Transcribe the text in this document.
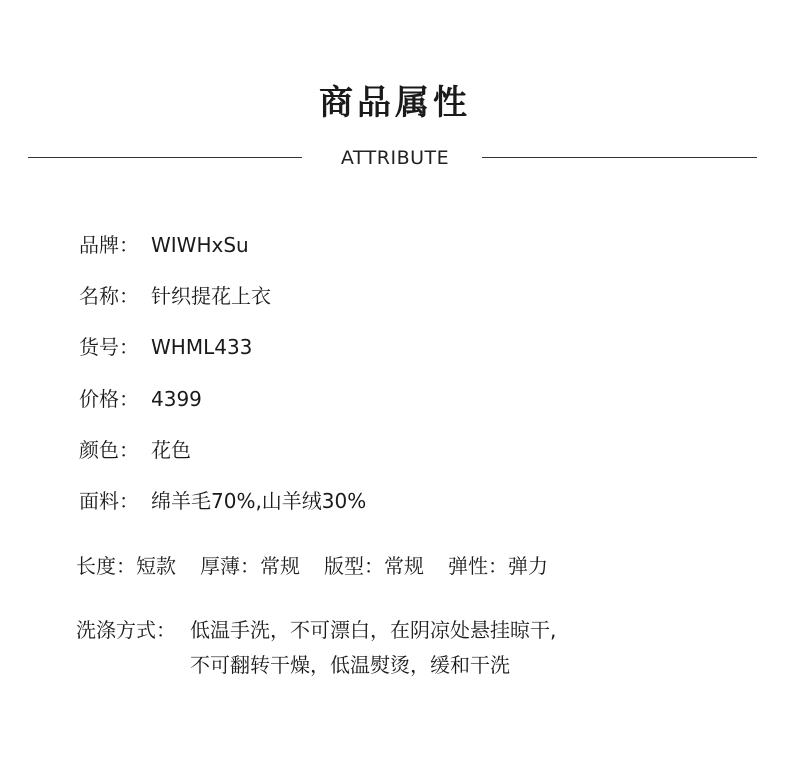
商品属性
ATTRIBUTE
品牌： WIWHxSu
名称： 针织提花上衣
货号： WHML433
价格： 4399
颜色： 花色
面料： 绵羊毛70%,山羊绒30%
长度：短款 厚薄：常规 版型：常规 弹性：弹力
洗涤方式： 低温手洗，不可漂白，在阴凉处悬挂晾干,
不可翻转干燥，低温熨烫，缓和干洗
